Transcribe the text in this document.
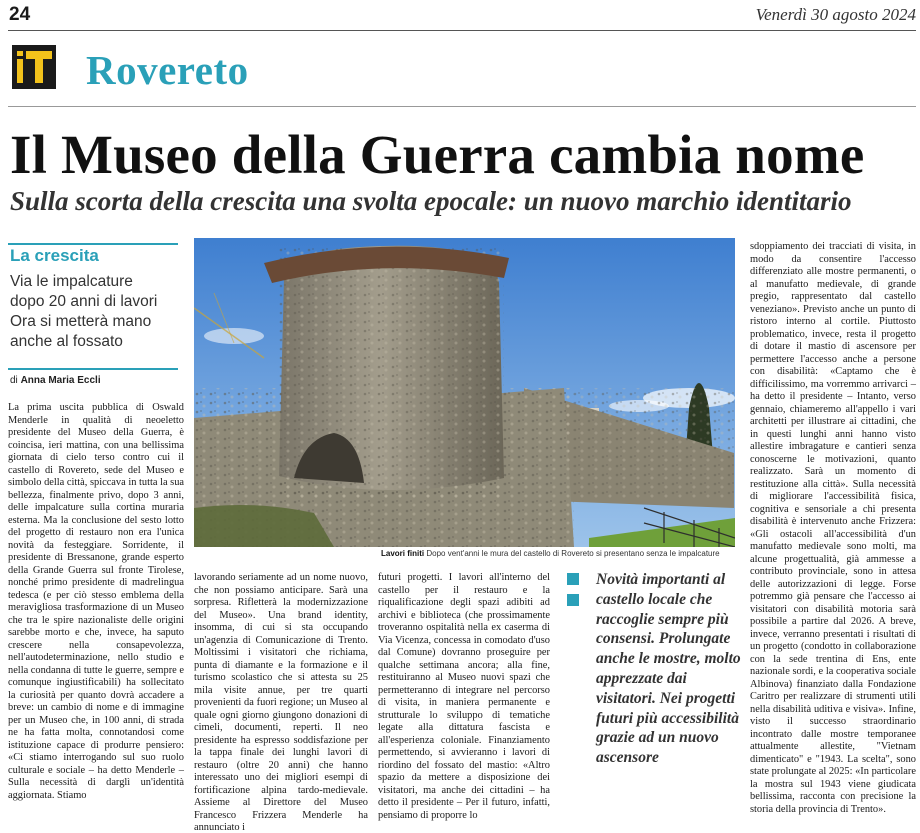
24	Venerdì 30 agosto 2024
Rovereto
Il Museo della Guerra cambia nome
Sulla scorta della crescita una svolta epocale: un nuovo marchio identitario
La crescita
Via le impalcature
dopo 20 anni di lavori
Ora si metterà mano
anche al fossato
di Anna Maria Eccli
La prima uscita pubblica di Oswald Menderle in qualità di neoeletto presidente del Museo della Guerra, è coincisa, ieri mattina, con una bellissima giornata di cielo terso contro cui il castello di Rovereto, sede del Museo e simbolo della città, spiccava in tutta la sua bellezza, finalmente privo, dopo 3 anni, delle impalcature sulla cortina muraria esterna. Ma la conclusione del sesto lotto del progetto di restauro non era l'unica novità da festeggiare. Sorridente, il presidente di Bressanone, grande esperto della Grande Guerra sul fronte Tirolese, nonché primo presidente di madrelingua tedesca (e per ciò stesso emblema della meravigliosa trasformazione di un Museo che tra le spire nazionaliste delle origini sarebbe morto e che, invece, ha saputo crescere nella consapevolezza, nell'autodeterminazione, nello studio e nella condanna di tutte le guerre, sempre e comunque ingiustificabili) ha sollecitato la curiosità per quanto dovrà accadere a breve: un cambio di nome e di immagine per un Museo che, in 100 anni, di strada ne ha fatta molta, connotandosi come istituzione capace di produrre pensiero: «Ci stiamo interrogando sul suo ruolo culturale e sociale – ha detto Menderle – Sulla necessità di darglì un'identità aggiornata. Stiamo
lavorando seriamente ad un nome nuovo, che non possiamo anticipare. Sarà una sorpresa. Rifletterà la modernizzazione del Museo». Una brand identity, insomma, di cui si sta occupando un'agenzia di Comunicazione di Trento. Moltissimi i visitatori che richiama, punta di diamante e la formazione e il turismo scolastico che si attesta su 25 mila visite annue, per tre quarti provenienti da fuori regione; un Museo al quale ogni giorno giungono donazioni di cimeli, documenti, reperti. Il neo presidente ha espresso soddisfazione per la tappa finale dei lunghi lavori di restauro (oltre 20 anni) che hanno interessato uno dei migliori esempi di fortificazione alpina tardo-medievale. Assieme al Direttore del Museo Francesco Frizzera Menderle ha annunciato i
futuri progetti. I lavori all'interno del castello per il restauro e la riqualificazione degli spazi adibiti ad archivi e biblioteca (che prossimamente troveranno ospitalità nella ex caserma di Via Vicenza, concessa in comodato d'uso dal Comune) dovranno proseguire per qualche settimana ancora; alla fine, restituiranno al Museo nuovi spazi che permetteranno di integrare nel percorso di visita, in maniera permanente e strutturale lo sviluppo di tematiche legate alla dittatura fascista e all'esperienza coloniale. Finanziamento permettendo, si avvieranno i lavori di riordino del fossato del mastio: «Altro spazio da mettere a disposizione dei visitatori, ma anche dei cittadini – ha detto il presidente – Per il futuro, infatti, pensiamo di proporre lo
sdoppiamento dei tracciati di visita, in modo da consentire l'accesso differenziato alle mostre permanenti, o al manufatto medievale, di grande pregio, rappresentato dal castello veneziano». Previsto anche un punto di ristoro interno al cortile. Piuttosto problematico, invece, resta il progetto di dotare il mastio di ascensore per permettere l'accesso anche a persone con disabilità: «Captamo che è difficilissimo, ma vorremmo arrivarci – ha detto il presidente – Intanto, verso gennaio, chiameremo all'appello i vari architetti per illustrare ai cittadini, che in questi lunghi anni hanno visto allestire imbragature e cantieri senza conoscerne le motivazioni, quanto realizzato. Sarà un momento di restituzione alla città». Sulla necessità di migliorare l'accessibilità fisica, cognitiva e sensoriale a chi presenta disabilità è intervenuto anche Frizzera: «Gli ostacoli all'accessibilità d'un manufatto medievale sono molti, ma alcune progettualità, già ammesse a contributo provinciale, sono in attesa delle autorizzazioni di legge. Forse potremmo già pensare che l'accesso ai visitatori con disabilità motoria sarà possibile a partire dal 2026. A breve, invece, verranno presentati i risultati di un progetto (condotto in collaborazione con la sede trentina di Ens, ente nazionale sordi, e la cooperativa sociale Albinova) finanziato dalla Fondazione Caritro per realizzare di strumenti utili nella disabilità uditiva e visiva». Infine, visto il successo straordinario incontrato dalle mostre temporanee attualmente allestite, "Vietnam dimenticato" e "1943. La scelta", sono state prolungate al 2025: «In particolare la mostra sul 1943 viene giudicata bellissima, racconta con precisione la storia della provincia di Trento».
Lavori finiti Dopo vent'anni le mura del castello di Rovereto si presentano senza le impalcature
Novità importanti al castello locale che raccoglie sempre più consensi. Prolungate anche le mostre, molto apprezzate dai visitatori. Nei progetti futuri più accessibilità grazie ad un nuovo ascensore
